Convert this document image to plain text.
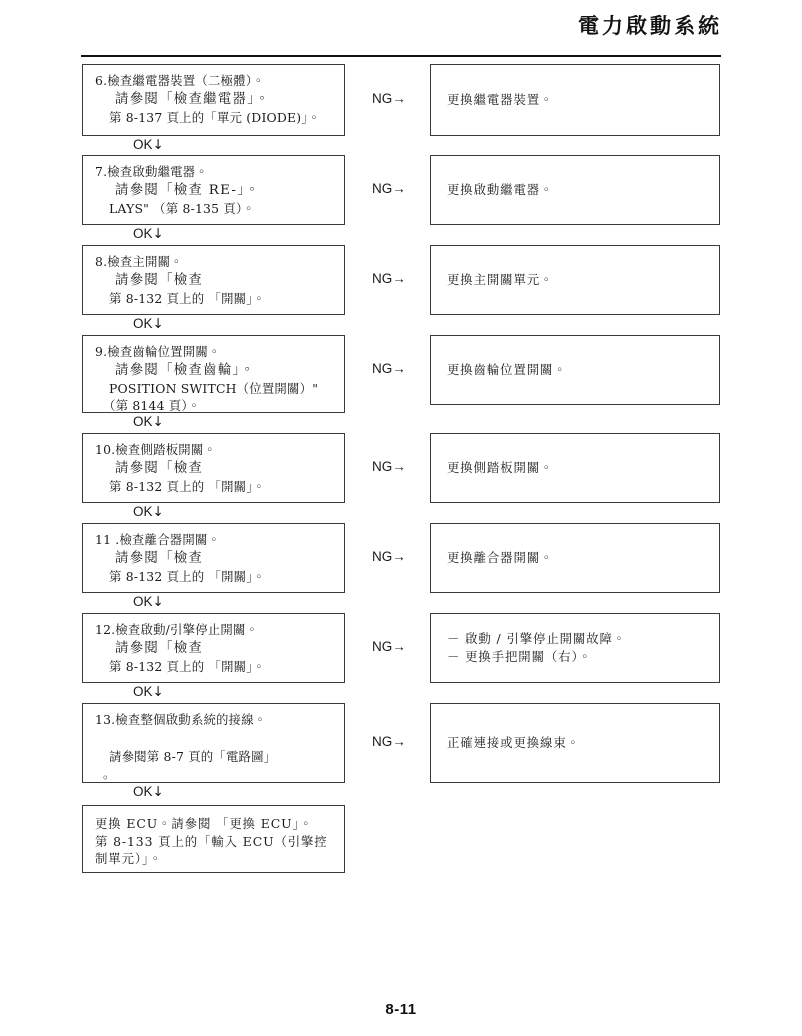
電力啟動系統
6.檢查繼電器裝置（二極體）。
請參閱「檢查繼電器」。
第 8-137 頁上的「單元 (DIODE)」。
NG→	更換繼電器裝置。
OK↓
7.檢查啟動繼電器。
請參閱「檢查 RE-」。
LAYS" （第 8-135 頁）。
NG→	更換啟動繼電器。
OK↓
8.檢查主開關。
請參閱「檢查
第 8-132 頁上的 「開關」。
NG→	更換主開關單元。
OK↓
9.檢查齒輪位置開關。
請參閱「檢查齒輪」。
POSITION SWITCH（位置開關）"
（第 8144 頁）。
NG→	更換齒輪位置開關。
OK↓
10.檢查側踏板開關。
請參閱「檢查
第 8-132 頁上的 「開關」。
NG→	更換側踏板開關。
OK↓
11 .檢查離合器開關。
請參閱「檢查
第 8-132 頁上的 「開關」。
NG→	更換離合器開關。
OK↓
12.檢查啟動/引擎停止開關。
請參閱「檢查
第 8-132 頁上的 「開關」。
NG→
－ 啟動 / 引擎停止開關故障。
－ 更換手把開關（右）。
OK↓
13.檢查整個啟動系統的接線。

請參閱第 8-7 頁的「電路圖」
。
NG→	正確連接或更換線束。
OK↓
更換 ECU。請參閱 「更換 ECU」。
第 8-133 頁上的「輸入 ECU（引擎控
制單元）」。
8-11
